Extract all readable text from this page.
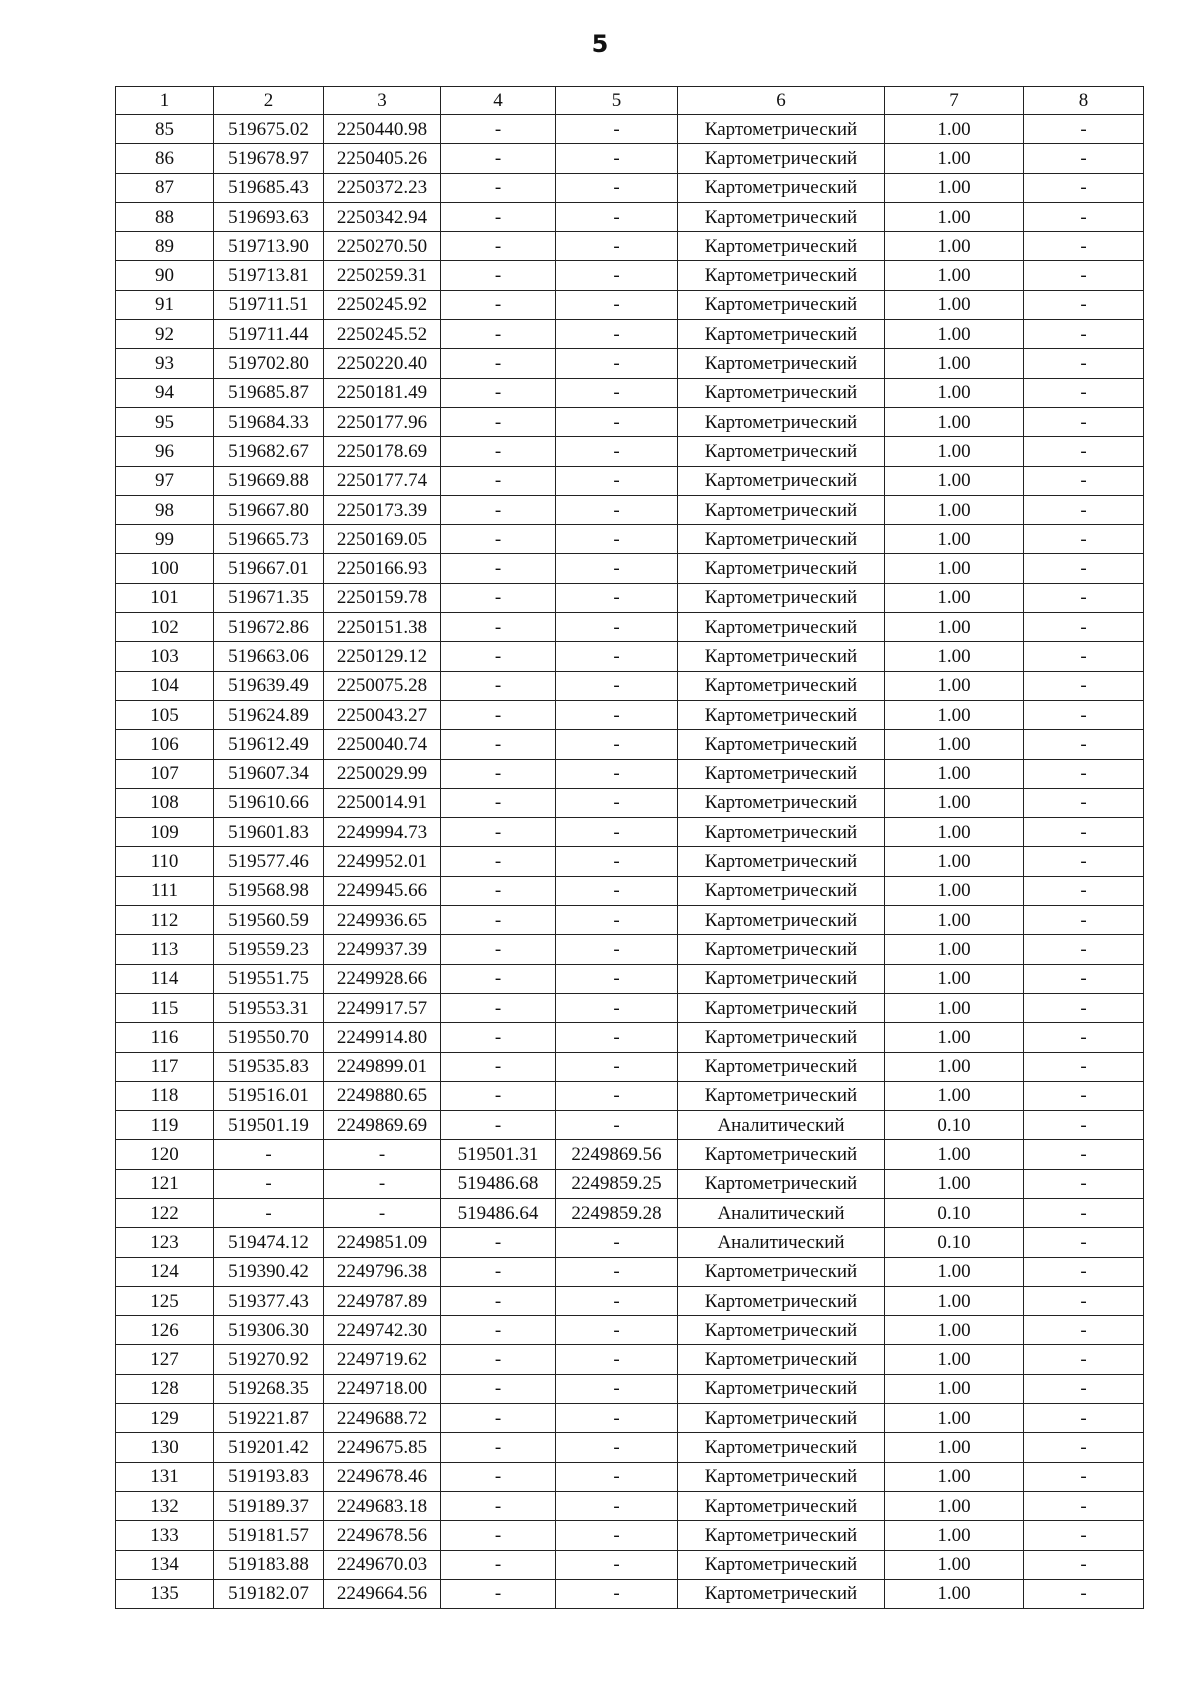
5
1	2	3	4	5	6	7	8
85	519675.02	2250440.98	-	-	Картометрический	1.00	-
86	519678.97	2250405.26	-	-	Картометрический	1.00	-
87	519685.43	2250372.23	-	-	Картометрический	1.00	-
88	519693.63	2250342.94	-	-	Картометрический	1.00	-
89	519713.90	2250270.50	-	-	Картометрический	1.00	-
90	519713.81	2250259.31	-	-	Картометрический	1.00	-
91	519711.51	2250245.92	-	-	Картометрический	1.00	-
92	519711.44	2250245.52	-	-	Картометрический	1.00	-
93	519702.80	2250220.40	-	-	Картометрический	1.00	-
94	519685.87	2250181.49	-	-	Картометрический	1.00	-
95	519684.33	2250177.96	-	-	Картометрический	1.00	-
96	519682.67	2250178.69	-	-	Картометрический	1.00	-
97	519669.88	2250177.74	-	-	Картометрический	1.00	-
98	519667.80	2250173.39	-	-	Картометрический	1.00	-
99	519665.73	2250169.05	-	-	Картометрический	1.00	-
100	519667.01	2250166.93	-	-	Картометрический	1.00	-
101	519671.35	2250159.78	-	-	Картометрический	1.00	-
102	519672.86	2250151.38	-	-	Картометрический	1.00	-
103	519663.06	2250129.12	-	-	Картометрический	1.00	-
104	519639.49	2250075.28	-	-	Картометрический	1.00	-
105	519624.89	2250043.27	-	-	Картометрический	1.00	-
106	519612.49	2250040.74	-	-	Картометрический	1.00	-
107	519607.34	2250029.99	-	-	Картометрический	1.00	-
108	519610.66	2250014.91	-	-	Картометрический	1.00	-
109	519601.83	2249994.73	-	-	Картометрический	1.00	-
110	519577.46	2249952.01	-	-	Картометрический	1.00	-
111	519568.98	2249945.66	-	-	Картометрический	1.00	-
112	519560.59	2249936.65	-	-	Картометрический	1.00	-
113	519559.23	2249937.39	-	-	Картометрический	1.00	-
114	519551.75	2249928.66	-	-	Картометрический	1.00	-
115	519553.31	2249917.57	-	-	Картометрический	1.00	-
116	519550.70	2249914.80	-	-	Картометрический	1.00	-
117	519535.83	2249899.01	-	-	Картометрический	1.00	-
118	519516.01	2249880.65	-	-	Картометрический	1.00	-
119	519501.19	2249869.69	-	-	Аналитический	0.10	-
120	-	-	519501.31	2249869.56	Картометрический	1.00	-
121	-	-	519486.68	2249859.25	Картометрический	1.00	-
122	-	-	519486.64	2249859.28	Аналитический	0.10	-
123	519474.12	2249851.09	-	-	Аналитический	0.10	-
124	519390.42	2249796.38	-	-	Картометрический	1.00	-
125	519377.43	2249787.89	-	-	Картометрический	1.00	-
126	519306.30	2249742.30	-	-	Картометрический	1.00	-
127	519270.92	2249719.62	-	-	Картометрический	1.00	-
128	519268.35	2249718.00	-	-	Картометрический	1.00	-
129	519221.87	2249688.72	-	-	Картометрический	1.00	-
130	519201.42	2249675.85	-	-	Картометрический	1.00	-
131	519193.83	2249678.46	-	-	Картометрический	1.00	-
132	519189.37	2249683.18	-	-	Картометрический	1.00	-
133	519181.57	2249678.56	-	-	Картометрический	1.00	-
134	519183.88	2249670.03	-	-	Картометрический	1.00	-
135	519182.07	2249664.56	-	-	Картометрический	1.00	-
